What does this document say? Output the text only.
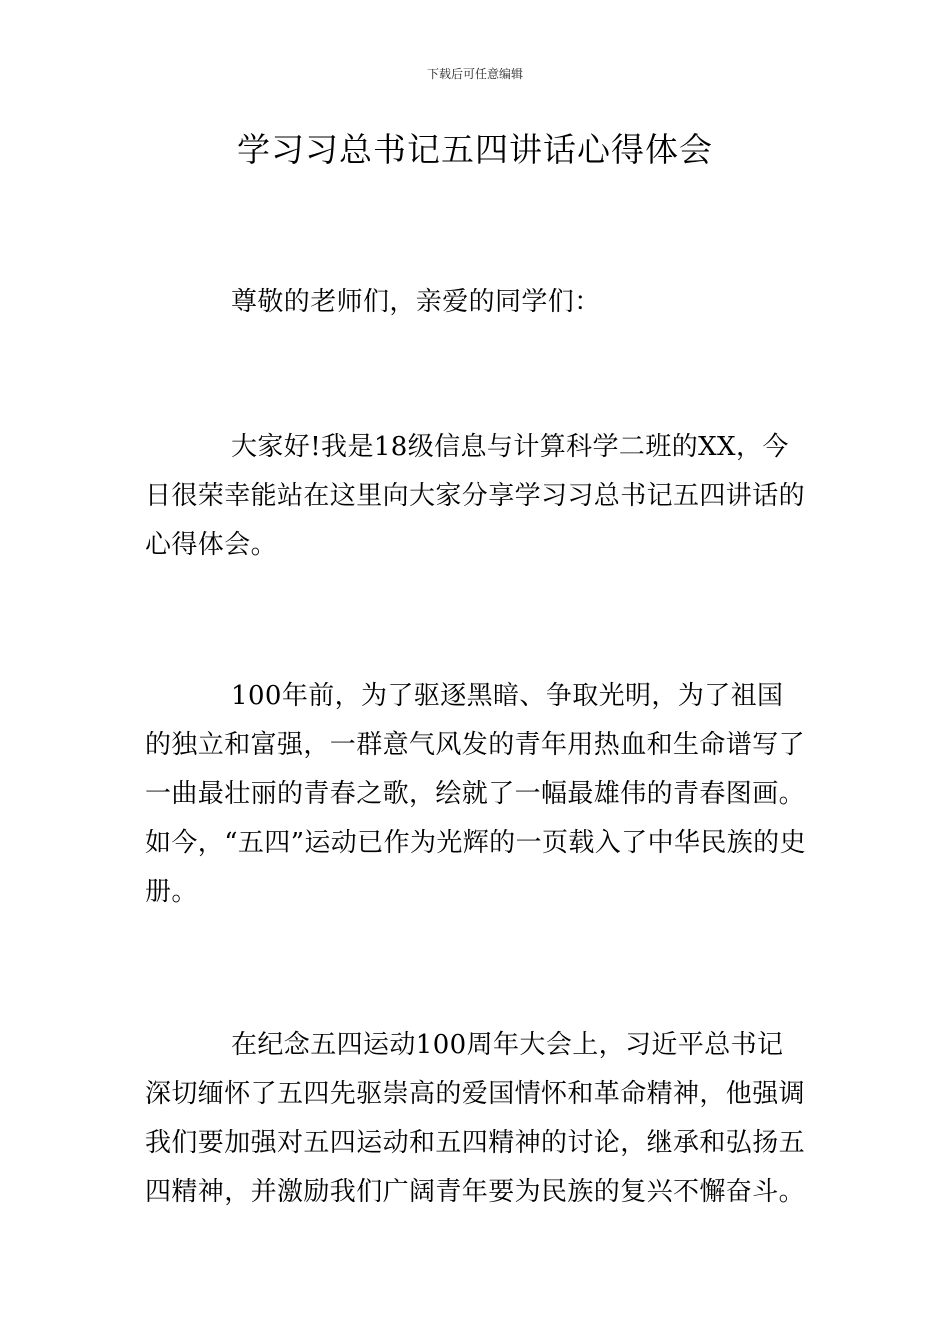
下载后可任意编辑
学习习总书记五四讲话心得体会

尊敬的老师们，亲爱的同学们：

大家好!我是18级信息与计算科学二班的XX，今日很荣幸能站在这里向大家分享学习习总书记五四讲话的心得体会。

100年前，为了驱逐黑暗、争取光明，为了祖国的独立和富强，一群意气风发的青年用热血和生命谱写了一曲最壮丽的青春之歌，绘就了一幅最雄伟的青春图画。如今，“五四”运动已作为光辉的一页载入了中华民族的史册。

在纪念五四运动100周年大会上，习近平总书记深切缅怀了五四先驱崇高的爱国情怀和革命精神，他强调我们要加强对五四运动和五四精神的讨论，继承和弘扬五四精神，并激励我们广阔青年要为民族的复兴不懈奋斗。
